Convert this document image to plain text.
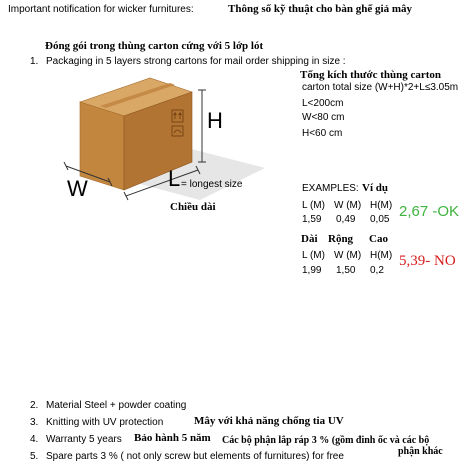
Important notification for wicker furnitures:	Thông số kỹ thuật cho bàn ghế giả mây
Đóng gói trong thùng carton cứng với 5 lớp lót
1. Packaging in 5 layers strong cartons for mail order shipping in size :
H
W	L = longest size
Chiều dài
Tổng kích thước thùng carton
carton total size (W+H)*2+L≤3.05m
L<200cm
W<80 cm
H<60 cm
EXAMPLES: Ví dụ
L (M) W (M) H(M)
1,59 0,49 0,05 2,67 -OK
Dài Rộng Cao
L (M) W (M) H(M)
1,99 1,50 0,2
5,39- NO
2. Material Steel + powder coating
3. Knitting with UV protection	Mây với khả năng chống tia UV
4. Warranty 5 years Bảo hành 5 năm Các bộ phận lắp ráp 3 % (gồm đinh ốc và các bộ
5. Spare parts 3 % ( not only screw but elements of furnitures) for free	phận khác
